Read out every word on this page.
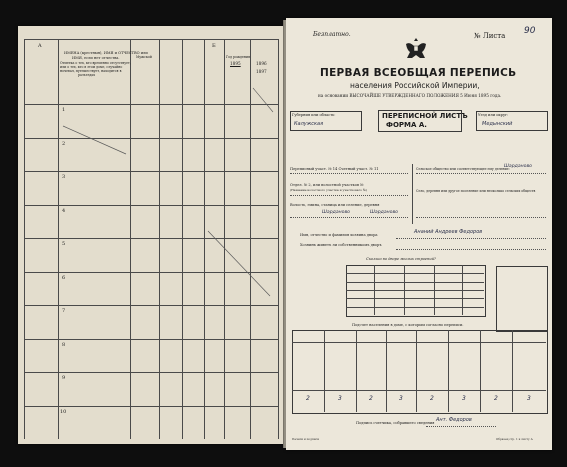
A
ИМЕНА (крестныя), ИМЯ и ОТЧЕСТВО или
ИМЯ, если нет отчества.
Отметка о тех, кто временно отсутствует,
или о тех, кто в этом доме, случайно
ночевал, путешествует, находится в
разъездах
Мужской	Год рождения
1895	1896
1897
Б
1
2
3
4
5
6
7
8
9
10
Безплатно.	№ Листа 90
ПЕРВАЯ ВСЕОБЩАЯ ПЕРЕПИСЬ
населения Российской Империи,
на основании ВЫСОЧАЙШЕ УТВЕРЖДЕННАГО ПОЛОЖЕНИЯ 5 Июня 1895 года.
Губерния или область:
Калужская
ПЕРЕПИСНОЙ ЛИСТЪ
ФОРМА А.
Уезд или округ:
Медынский
Переписный участ. № 14 Счетный участ. № 11
Отдел. № 2, или волостной участков №
(Название волостного участка и участковаго №)
Волость, гмина, станица или селение, деревня
Шарданово	Шарданово
Сельское общество или соответствующее ему деление:
Шарданово
Село, деревня или другое поселение или несколько сельских обществ
Имя, отчество и фамилия хозяина двора	Ананий Андреев Федоров
Хозяинъ живетъ ли собственникомъ дворъ
Сколько во дворе жилых строений?
Подсчет населения в доме, с которым согласно переписи.
2	3	2	3	2	3	2	3
Подпись счетчика, собравшего сведения Ант. Федоров
Печати и подписи	Образец стр. 1 к листу А
